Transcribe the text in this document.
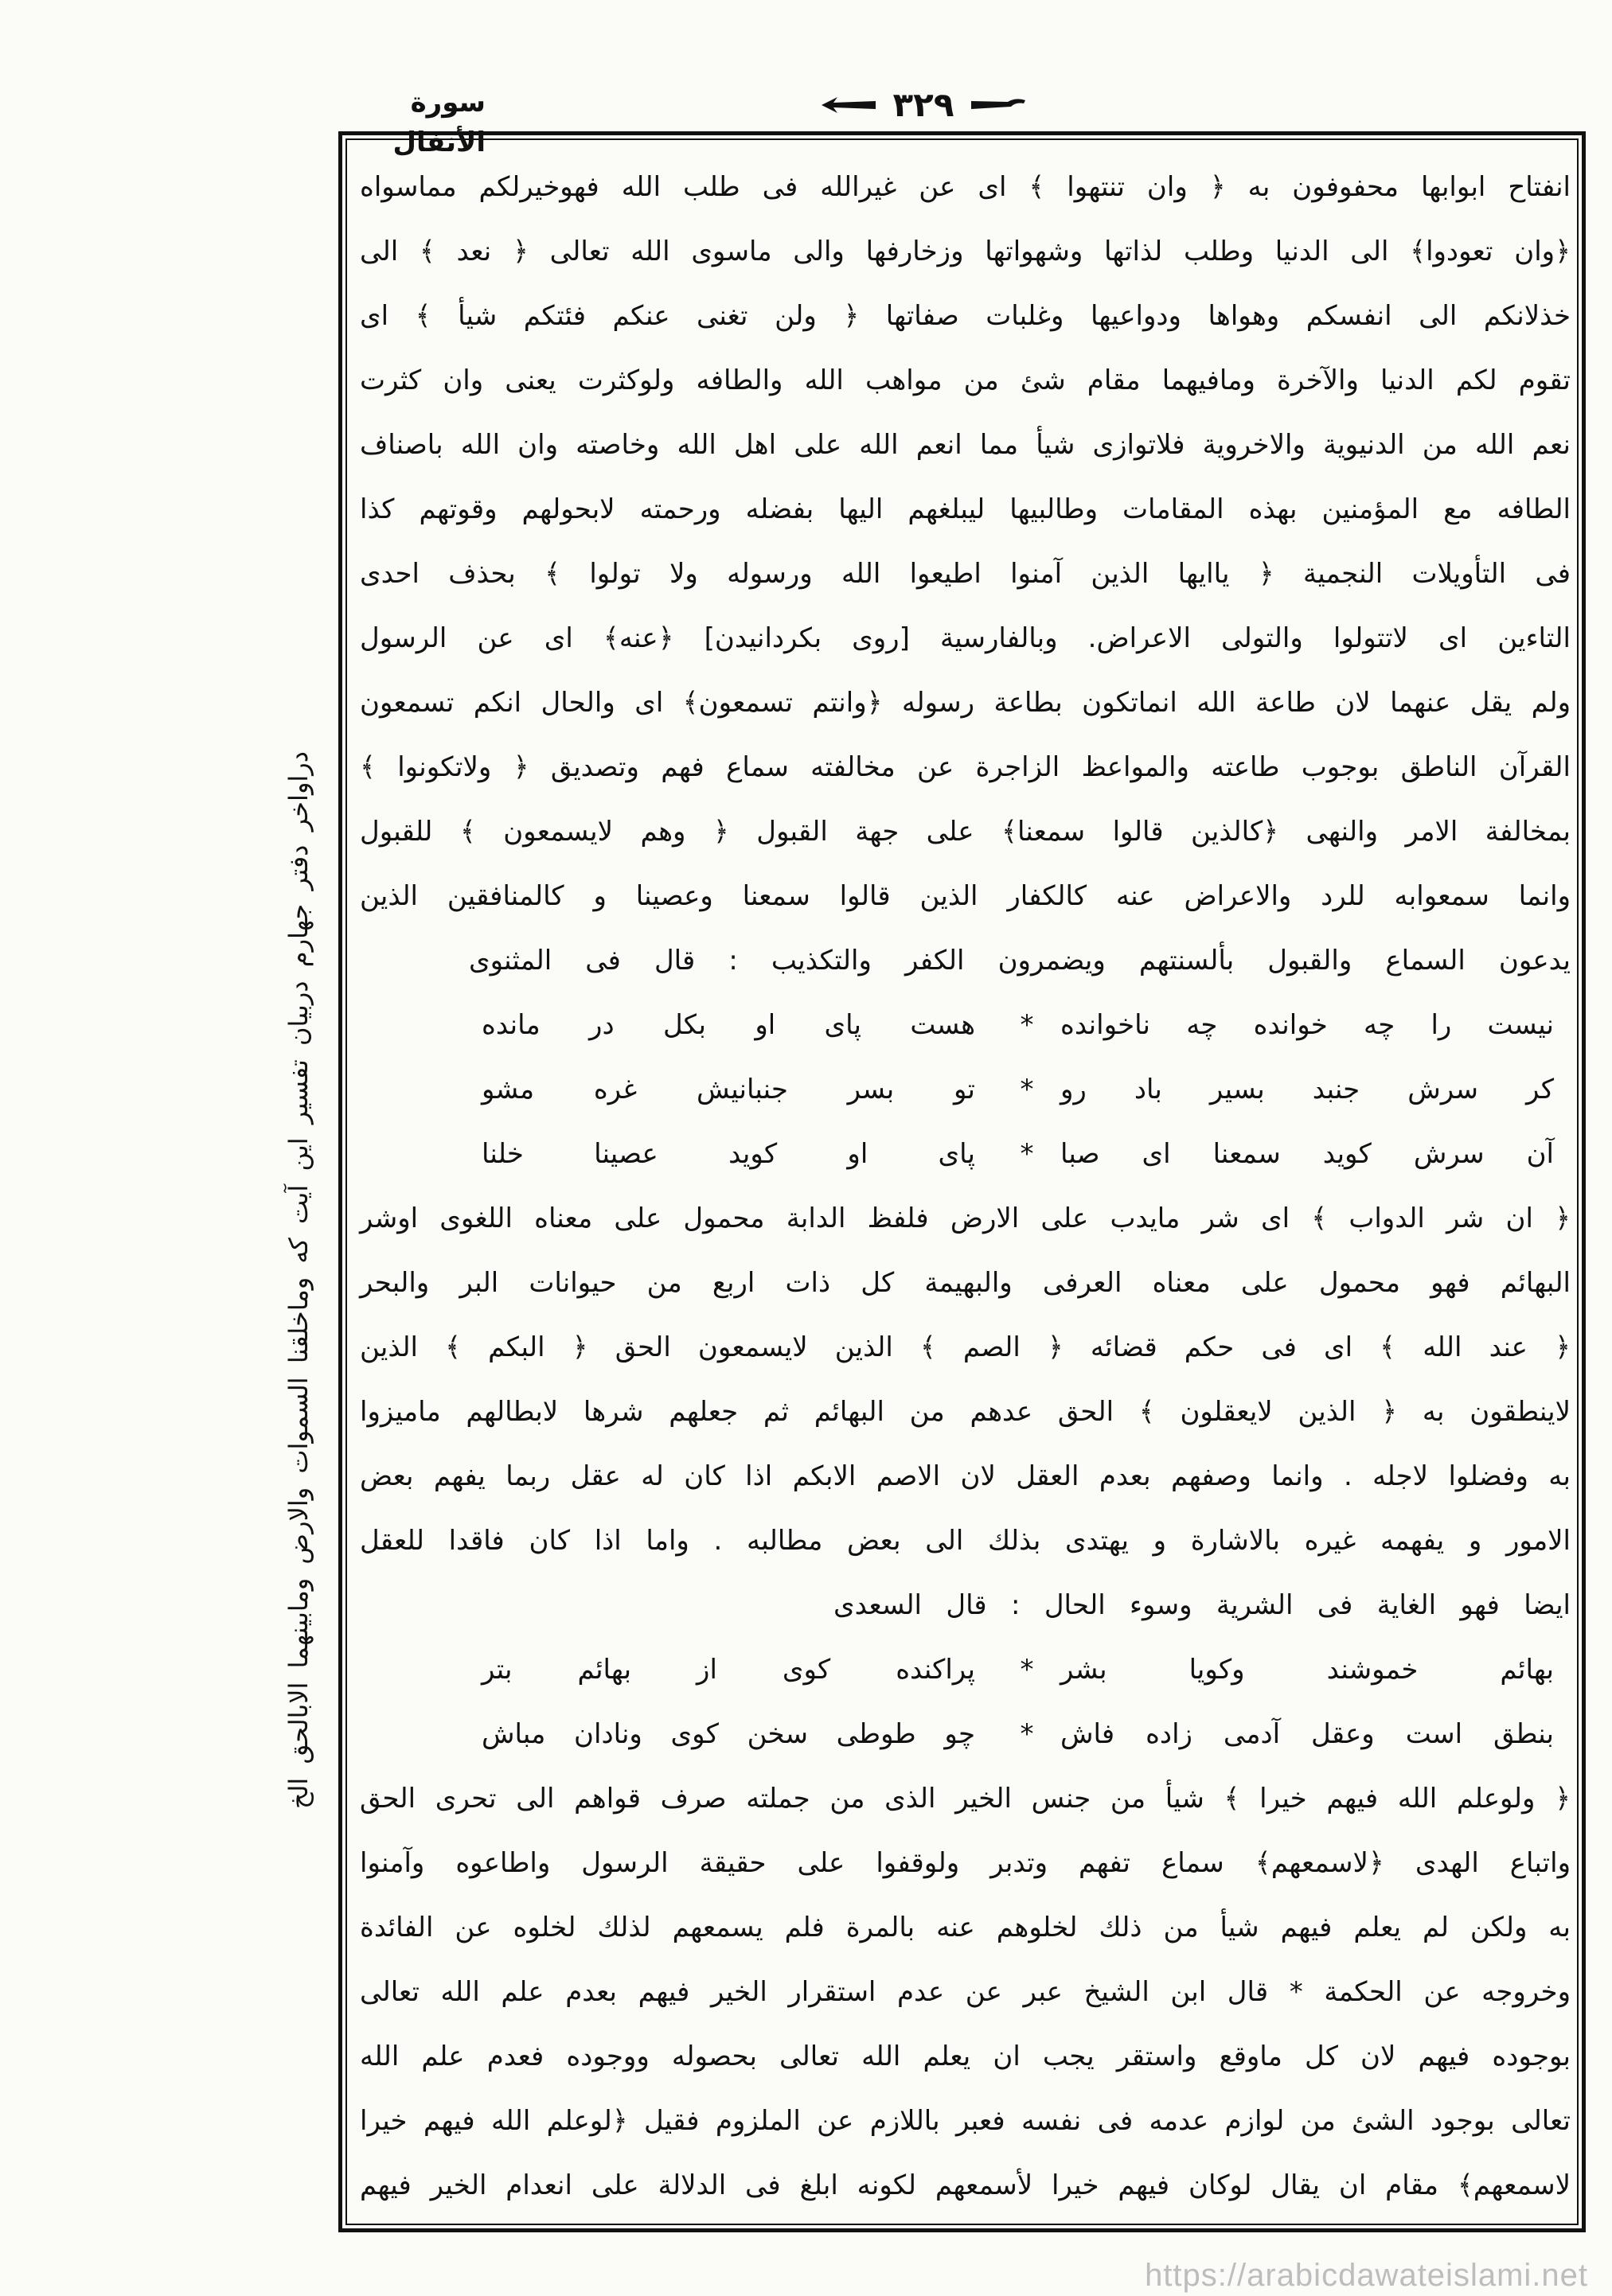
سورة الأنفال
٣٢٩
دراواخر دفتر جهارم دربيان تفسير اين آيت كه وماخلقنا السموات والارض ومابينهما الابالحق الخ
انفتاح ابوابها محفوفون به ﴿ وان تنتهوا ﴾ اى عن غيرالله فى طلب الله فهوخيرلكم مماسواه
﴿وان تعودوا﴾ الى الدنيا وطلب لذاتها وشهواتها وزخارفها والى ماسوى الله تعالى ﴿ نعد ﴾ الى
خذلانكم الى انفسكم وهواها ودواعيها وغلبات صفاتها ﴿ ولن تغنى عنكم فئتكم شيأ ﴾ اى
تقوم لكم الدنيا والآخرة ومافيهما مقام شئ من مواهب الله والطافه ولوكثرت يعنى وان كثرت
نعم الله من الدنيوية والاخروية فلاتوازى شيأ مما انعم الله على اهل الله وخاصته وان الله باصناف
الطافه مع المؤمنين بهذه المقامات وطالبيها ليبلغهم اليها بفضله ورحمته لابحولهم وقوتهم كذا
فى التأويلات النجمية ﴿ ياايها الذين آمنوا اطيعوا الله ورسوله ولا تولوا ﴾ بحذف احدى
التاءين اى لاتتولوا والتولى الاعراض. وبالفارسية [روى بكردانيدن] ﴿عنه﴾ اى عن الرسول
ولم يقل عنهما لان طاعة الله انماتكون بطاعة رسوله ﴿وانتم تسمعون﴾ اى والحال انكم تسمعون
القرآن الناطق بوجوب طاعته والمواعظ الزاجرة عن مخالفته سماع فهم وتصديق ﴿ ولاتكونوا ﴾
بمخالفة الامر والنهى ﴿كالذين قالوا سمعنا﴾ على جهة القبول ﴿ وهم لايسمعون ﴾ للقبول
وانما سمعوابه للرد والاعراض عنه كالكفار الذين قالوا سمعنا وعصينا و كالمنافقين الذين
يدعون السماع والقبول بألسنتهم ويضمرون الكفر والتكذيب : قال فى المثنوى
نيست را چه خوانده چه ناخوانده
*
هست پاى او بكل در مانده
كر سرش جنبد بسير باد رو
*
تو بسر جنبانيش غره مشو
آن سرش كويد سمعنا اى صبا
*
پاى او كويد عصينا خلنا
﴿ ان شر الدواب ﴾ اى شر مايدب على الارض فلفظ الدابة محمول على معناه اللغوى اوشر
البهائم فهو محمول على معناه العرفى والبهيمة كل ذات اربع من حيوانات البر والبحر
﴿ عند الله ﴾ اى فى حكم قضائه ﴿ الصم ﴾ الذين لايسمعون الحق ﴿ البكم ﴾ الذين
لاينطقون به ﴿ الذين لايعقلون ﴾ الحق عدهم من البهائم ثم جعلهم شرها لابطالهم ماميزوا
به وفضلوا لاجله . وانما وصفهم بعدم العقل لان الاصم الابكم اذا كان له عقل ربما يفهم بعض
الامور و يفهمه غيره بالاشارة و يهتدى بذلك الى بعض مطالبه . واما اذا كان فاقدا للعقل
ايضا فهو الغاية فى الشرية وسوء الحال : قال السعدى
بهائم خموشند وكويا بشر
*
پراكنده كوى از بهائم بتر
بنطق است وعقل آدمى زاده فاش
*
چو طوطى سخن كوى ونادان مباش
﴿ ولوعلم الله فيهم خيرا ﴾ شيأ من جنس الخير الذى من جملته صرف قواهم الى تحرى الحق
واتباع الهدى ﴿لاسمعهم﴾ سماع تفهم وتدبر ولوقفوا على حقيقة الرسول واطاعوه وآمنوا
به ولكن لم يعلم فيهم شيأ من ذلك لخلوهم عنه بالمرة فلم يسمعهم لذلك لخلوه عن الفائدة
وخروجه عن الحكمة * قال ابن الشيخ عبر عن عدم استقرار الخير فيهم بعدم علم الله تعالى
بوجوده فيهم لان كل ماوقع واستقر يجب ان يعلم الله تعالى بحصوله ووجوده فعدم علم الله
تعالى بوجود الشئ من لوازم عدمه فى نفسه فعبر باللازم عن الملزوم فقيل ﴿لوعلم الله فيهم خيرا
لاسمعهم﴾ مقام ان يقال لوكان فيهم خيرا لأسمعهم لكونه ابلغ فى الدلالة على انعدام الخير فيهم
https://arabicdawateislami.net
